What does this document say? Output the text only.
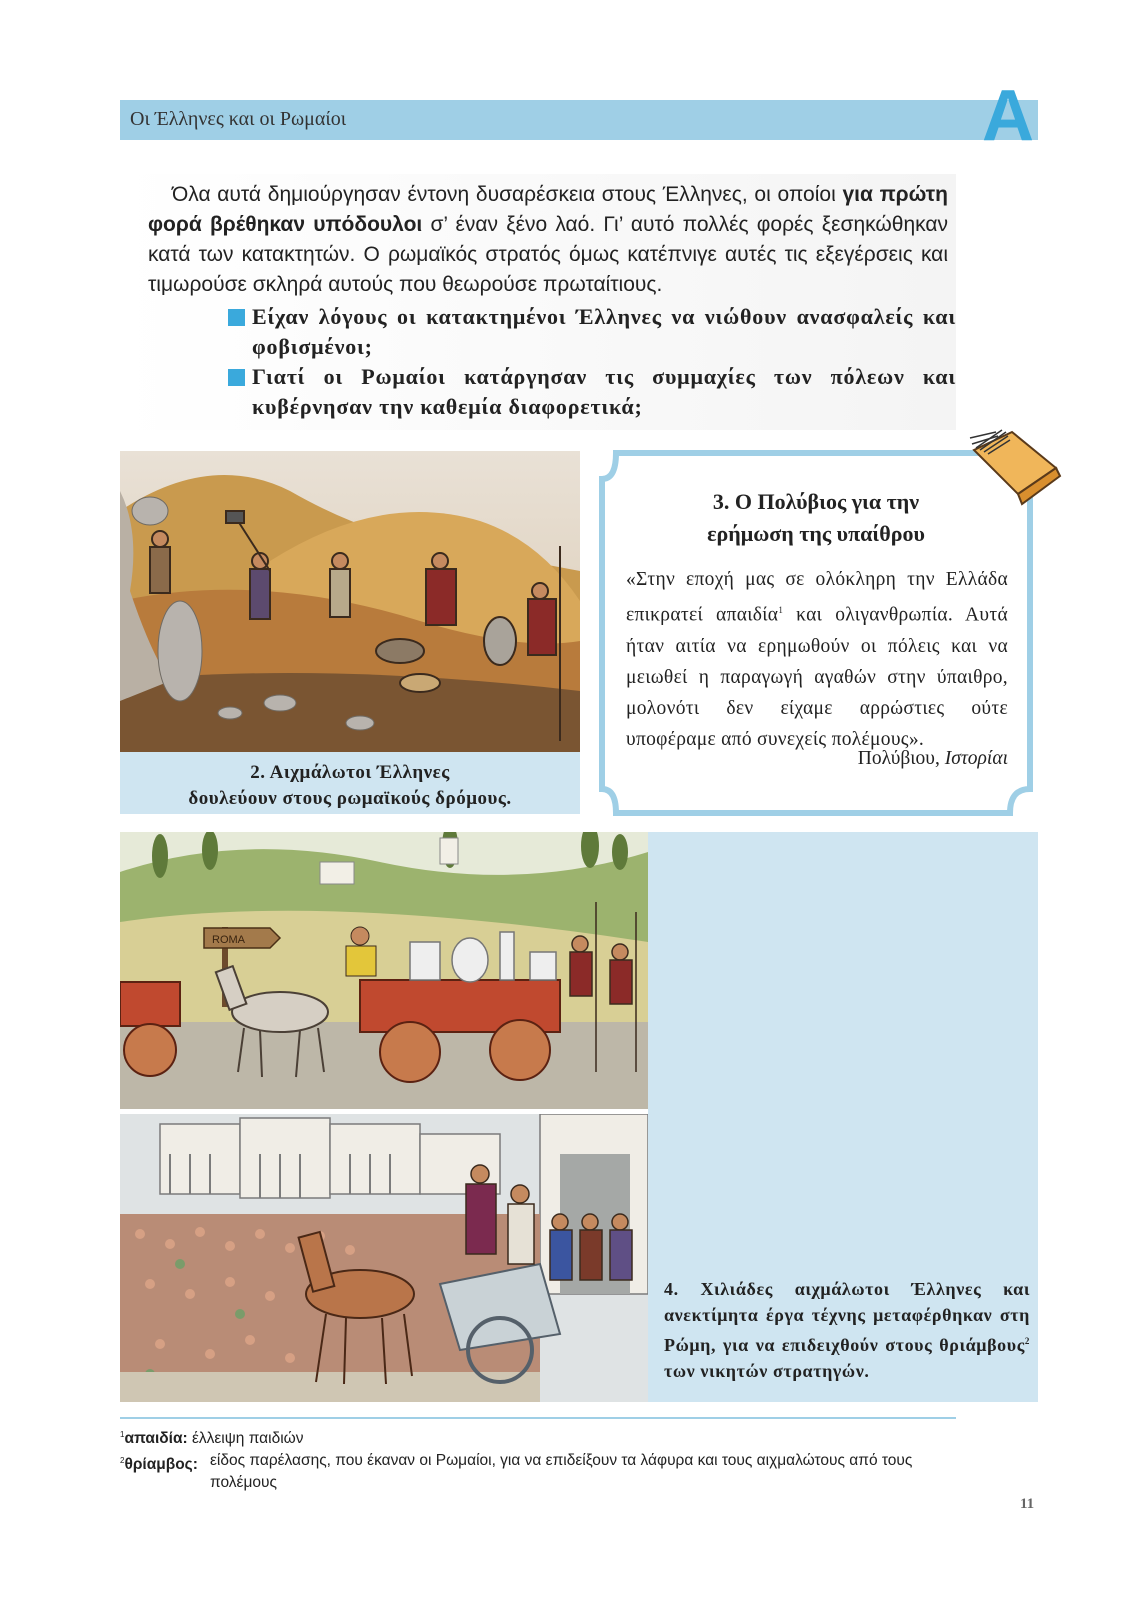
Οι Έλληνες και οι Ρωμαίοι	A
Όλα αυτά δημιούργησαν έντονη δυσαρέσκεια στους Έλληνες, οι οποίοι για πρώτη φορά βρέθηκαν υπόδουλοι σ’ έναν ξένο λαό. Γι’ αυτό πολλές φορές ξεσηκώθηκαν κατά των κατακτητών. Ο ρωμαϊκός στρατός όμως κατέπνιγε αυτές τις εξεγέρσεις και τιμωρούσε σκληρά αυτούς που θεωρούσε πρωταίτιους.
Είχαν λόγους οι κατακτημένοι Έλληνες να νιώθουν ανασφαλείς και φοβισμένοι;
Γιατί οι Ρωμαίοι κατάργησαν τις συμμαχίες των πόλεων και κυβέρνησαν την καθεμία διαφορετικά;
2. Αιχμάλωτοι Έλληνες
δουλεύουν στους ρωμαϊκούς δρόμους.
3. Ο Πολύβιος για την
ερήμωση της υπαίθρου
«Στην εποχή μας σε ολόκληρη την Ελλάδα επικρατεί απαιδία$^1$ και ολιγανθρωπία. Αυτά ήταν αιτία να ερημωθούν οι πόλεις και να μειωθεί η παραγωγή αγαθών στην ύπαιθρο, μολονότι δεν είχαμε αρρώστιες ούτε υποφέραμε από συνεχείς πολέμους».
Πολύβιου, Ιστορίαι
ROMA
4. Χιλιάδες αιχμάλωτοι Έλληνες και ανεκτίμητα έργα τέχνης μεταφέρθηκαν στη Ρώμη, για να επιδειχθούν στους θριάμβους$^2$ των νικητών στρατηγών.
$^1$απαιδία: έλλειψη παιδιών
$^2$θρίαμβος: είδος παρέλασης, που έκαναν οι Ρωμαίοι, για να επιδείξουν τα λάφυρα και τους αιχμαλώτους από τους πολέμους
11
